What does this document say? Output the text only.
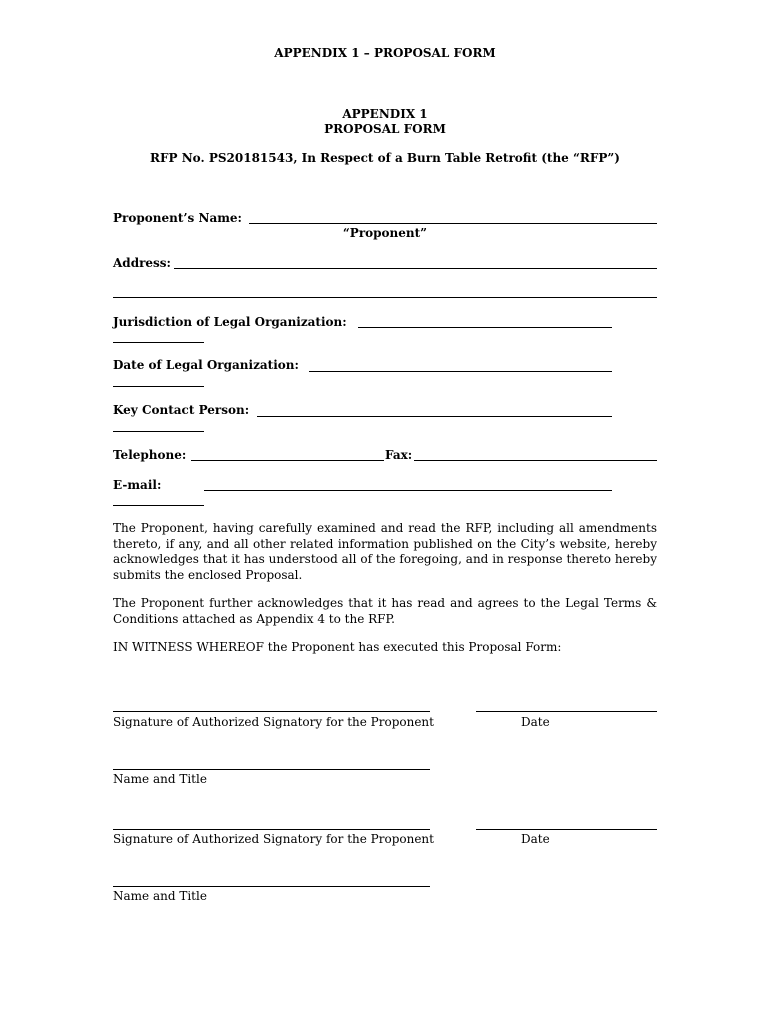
APPENDIX 1 – PROPOSAL FORM
APPENDIX 1
PROPOSAL FORM
RFP No. PS20181543, In Respect of a Burn Table Retrofit (the “RFP”)
Proponent’s Name:
“Proponent”
Address:
Jurisdiction of Legal Organization:
Date of Legal Organization:
Key Contact Person:
Telephone:	Fax:
E-mail:
The Proponent, having carefully examined and read the RFP, including all amendments thereto, if any, and all other related information published on the City’s website, hereby acknowledges that it has understood all of the foregoing, and in response thereto hereby submits the enclosed Proposal.
The Proponent further acknowledges that it has read and agrees to the Legal Terms & Conditions attached as Appendix 4 to the RFP.
IN WITNESS WHEREOF the Proponent has executed this Proposal Form:
Signature of Authorized Signatory for the Proponent	Date
Name and Title
Signature of Authorized Signatory for the Proponent	Date
Name and Title
